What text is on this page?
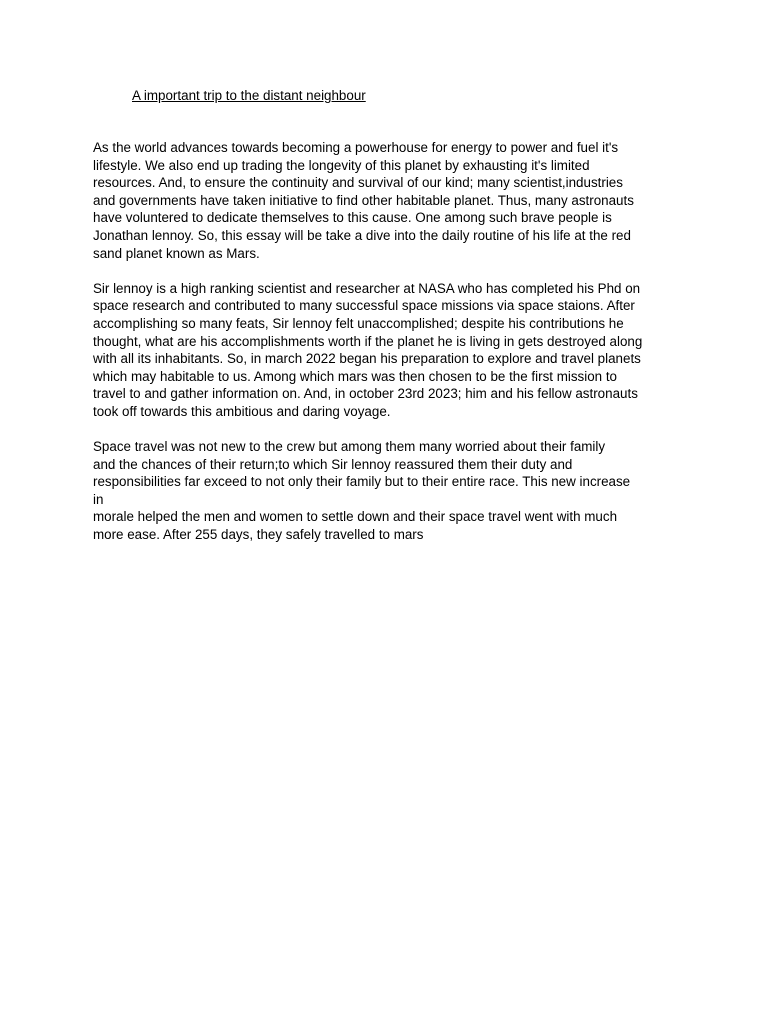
A important trip to the distant neighbour
As the world advances towards becoming a powerhouse for energy to power and fuel it's
lifestyle. We also end up trading the longevity of this planet by exhausting it's limited
resources. And, to ensure the continuity and survival of our kind; many scientist,industries
and governments have taken initiative to find other habitable planet. Thus, many astronauts
have voluntered to dedicate themselves to this cause. One among such brave people is
Jonathan lennoy. So, this essay will be take a dive into the daily routine of his life at the red
sand planet known as Mars.
Sir lennoy is a high ranking scientist and researcher at NASA who has completed his Phd on
space research and contributed to many successful space missions via space staions. After
accomplishing so many feats, Sir lennoy felt unaccomplished; despite his contributions he
thought, what are his accomplishments worth if the planet he is living in gets destroyed along
with all its inhabitants. So, in march 2022 began his preparation to explore and travel planets
which may habitable to us. Among which mars was then chosen to be the first mission to
travel to and gather information on. And, in october 23rd 2023; him and his fellow astronauts
took off towards this ambitious and daring voyage.
Space travel was not new to the crew but among them many worried about their family
and the chances of their return;to which Sir lennoy reassured them their duty and
responsibilities far exceed to not only their family but to their entire race. This new increase
in
morale helped the men and women to settle down and their space travel went with much
more ease. After 255 days, they safely travelled to mars
